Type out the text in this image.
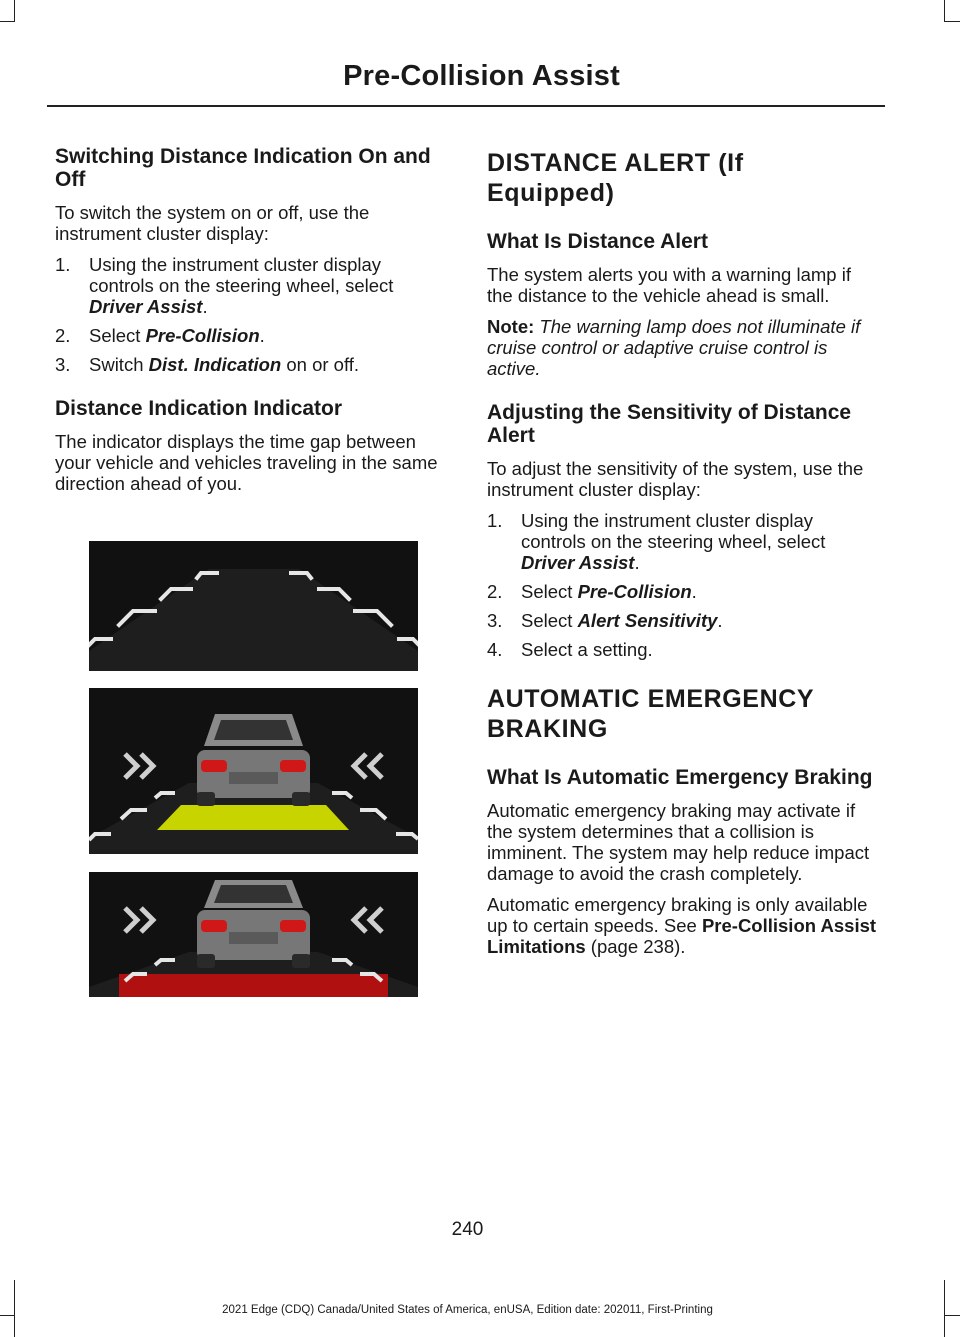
Pre-Collision Assist
Switching Distance Indication On and Off

To switch the system on or off, use the instrument cluster display:

1. Using the instrument cluster display controls on the steering wheel, select Driver Assist.
2. Select Pre-Collision.
3. Switch Dist. Indication on or off.
Distance Indication Indicator

The indicator displays the time gap between your vehicle and vehicles traveling in the same direction ahead of you.

DISTANCE ALERT (If
Equipped)
What Is Distance Alert

The system alerts you with a warning lamp if the distance to the vehicle ahead is small.

Note: The warning lamp does not illuminate if cruise control or adaptive cruise control is active.

Adjusting the Sensitivity of Distance Alert

To adjust the sensitivity of the system, use the instrument cluster display:

1. Using the instrument cluster display controls on the steering wheel, select Driver Assist.
2. Select Pre-Collision.
3. Select Alert Sensitivity.
4. Select a setting.
AUTOMATIC EMERGENCY
BRAKING
What Is Automatic Emergency Braking

Automatic emergency braking may activate if the system determines that a collision is imminent. The system may help reduce impact damage to avoid the crash completely.

Automatic emergency braking is only available up to certain speeds. See Pre-Collision Assist Limitations (page 238).

240
2021 Edge (CDQ) Canada/United States of America, enUSA, Edition date: 202011, First-Printing
